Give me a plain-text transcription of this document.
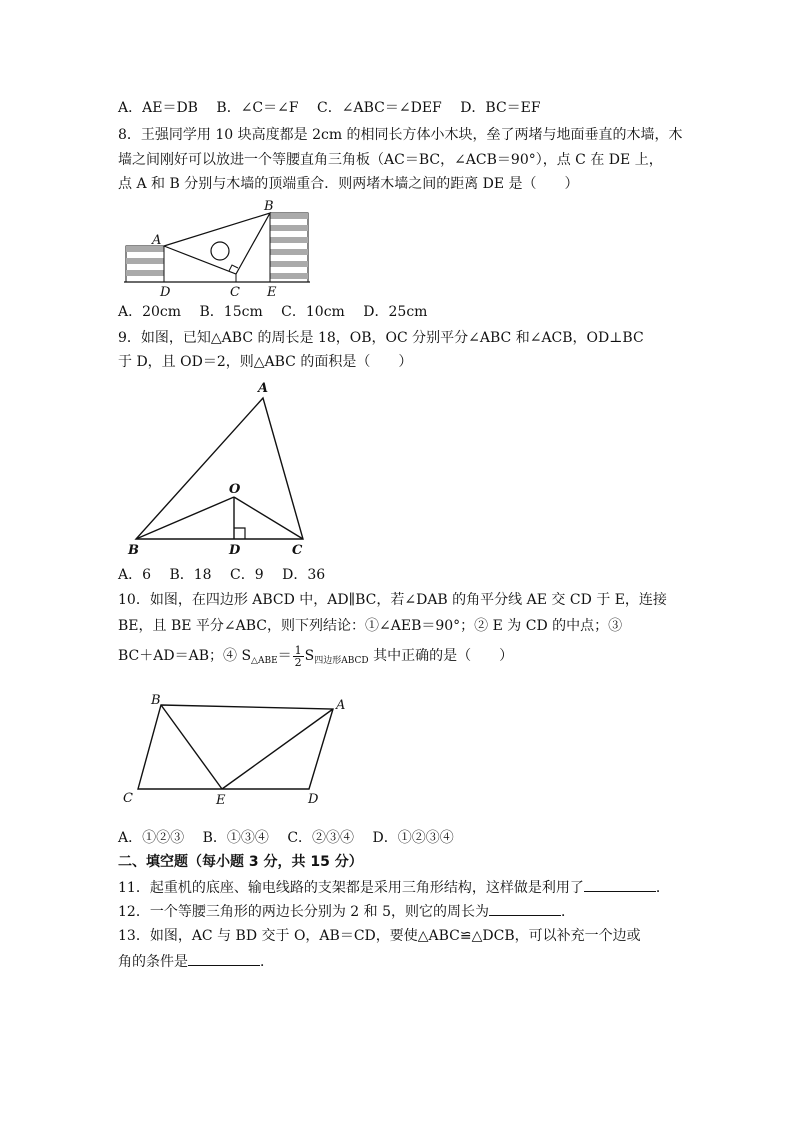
A．AE＝DB B．∠C＝∠F C．∠ABC＝∠DEF D．BC＝EF
8．王强同学用 10 块高度都是 2cm 的相同长方体小木块，垒了两堵与地面垂直的木墙，木
墙之间刚好可以放进一个等腰直角三角板（AC＝BC，∠ACB＝90°），点 C 在 DE 上，
点 A 和 B 分别与木墙的顶端重合．则两堵木墙之间的距离 DE 是（　　）
A
B
C
D	E
A．20cm B．15cm C．10cm D．25cm
9．如图，已知△ABC 的周长是 18，OB，OC 分别平分∠ABC 和∠ACB，OD⊥BC
于 D，且 OD＝2，则△ABC 的面积是（　　）
A
O
B	D	C
A．6 B．18 C．9 D．36
10．如图，在四边形 ABCD 中，AD∥BC，若∠DAB 的角平分线 AE 交 CD 于 E，连接
BE，且 BE 平分∠ABC，则下列结论：①∠AEB＝90°；② E 为 CD 的中点；③
BC＋AD＝AB；④ $S_{\triangle ABE}= \frac{1}{2} S_{四边形ABCD}$ 其中正确的是（　　）
B	A
C	E	D
A．①②③ B．①③④ C．②③④ D．①②③④
二、填空题（每小题 3 分，共 15 分）
11．起重机的底座、输电线路的支架都是采用三角形结构，这样做是利用了	．
12．一个等腰三角形的两边长分别为 2 和 5，则它的周长为	．
13．如图，AC 与 BD 交于 O，AB＝CD，要使△ABC≌△DCB，可以补充一个边或
角的条件是	．
